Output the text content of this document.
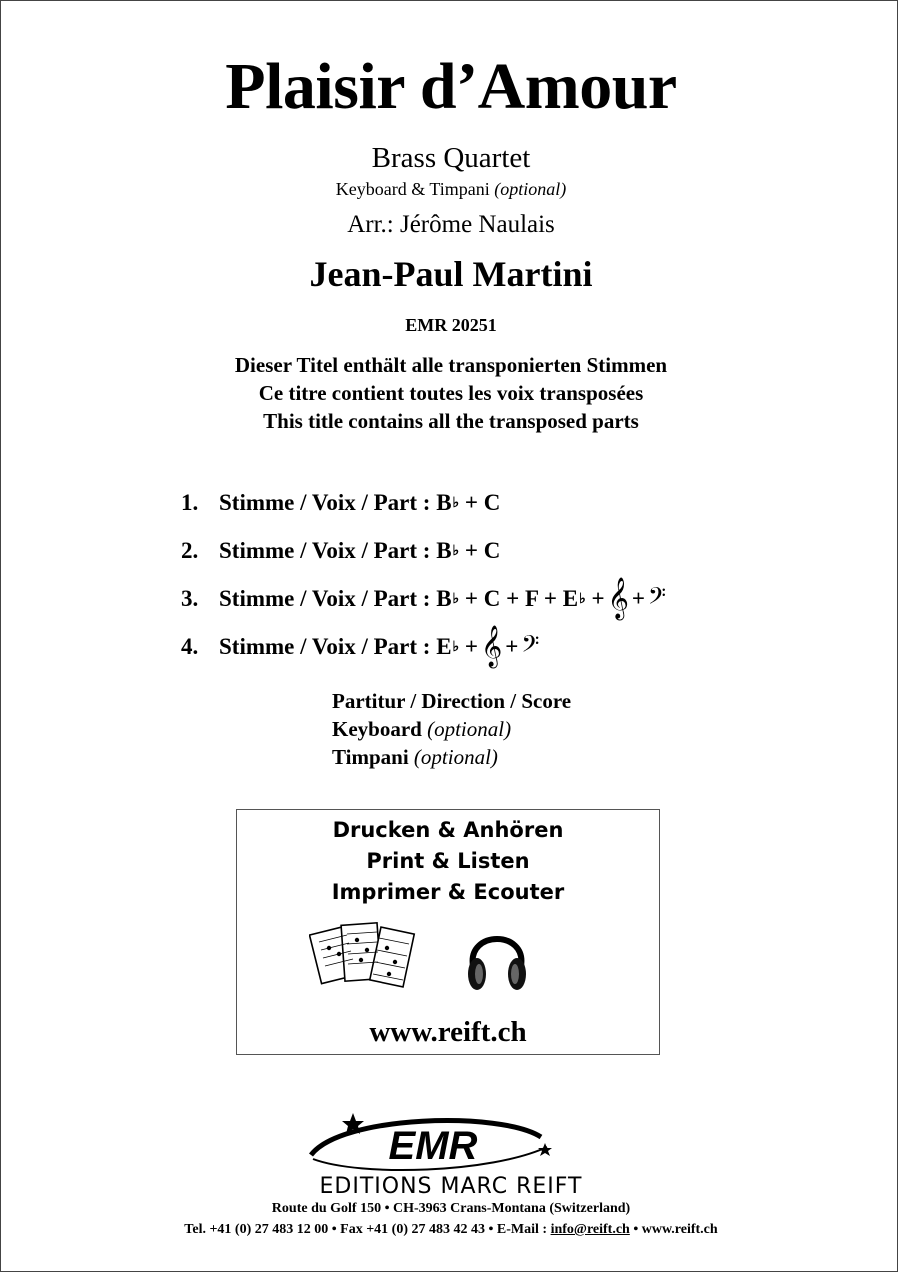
Plaisir d’Amour
Brass Quartet
Keyboard & Timpani (optional)
Arr.: Jérôme Naulais
Jean-Paul Martini
EMR 20251
Dieser Titel enthält alle transponierten Stimmen
Ce titre contient toutes les voix transposées
This title contains all the transposed parts
1. Stimme / Voix / Part :
B ♭
+ C
2. Stimme / Voix / Part :
B ♭
+ C
3. Stimme / Voix / Part :
B ♭
+ C + F + E ♭
+ 𝄞 + 𝄢
4. Stimme / Voix / Part :
E ♭
+ 𝄞 + 𝄢
Partitur / Direction / Score
Keyboard (optional)
Timpani (optional)
Drucken & Anhören
Print & Listen
Imprimer & Ecouter
www.reift.ch
EMR
EDITIONS MARC REIFT
Route du Golf 150 • CH-3963 Crans-Montana (Switzerland)
Tel. +41 (0) 27 483 12 00 • Fax +41 (0) 27 483 42 43 • E-Mail : info@reift.ch • www.reift.ch
